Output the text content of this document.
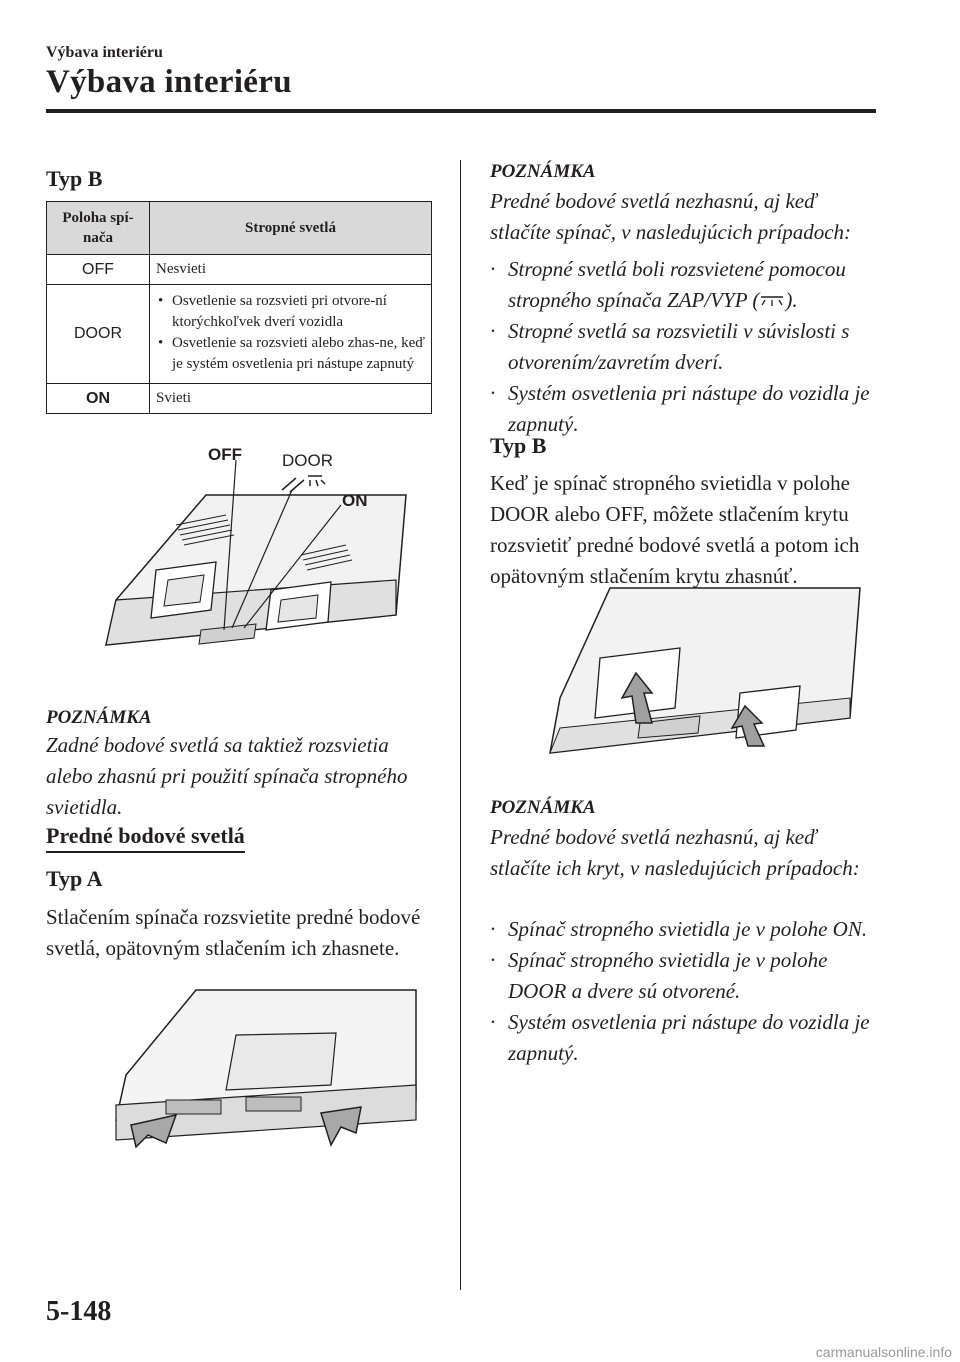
Výbava interiéru
Výbava interiéru
Typ B
Poloha spí-
nača	Stropné svetlá
OFF	Nesvieti
DOOR	• Osvetlenie sa rozsvieti pri otvore-ní ktorýchkoľvek dverí vozidla
• Osvetlenie sa rozsvieti alebo zhas-ne, keď je systém osvetlenia pri nástupe zapnutý

ON	Svieti
OFF DOOR
ON
POZNÁMKA
Zadné bodové svetlá sa taktiež rozsvietia alebo zhasnú pri použití spínača stropného svietidla.
Predné bodové svetlá
Typ A
Stlačením spínača rozsvietite predné bodové svetlá, opätovným stlačením ich zhasnete.
POZNÁMKA
Predné bodové svetlá nezhasnú, aj keď stlačíte spínač, v nasledujúcich prípadoch:
· Stropné svetlá boli rozsvietené pomocou stropného spínača ZAP/VYP ( ).
· Stropné svetlá sa rozsvietili v súvislosti s otvorením/zavretím dverí.
· Systém osvetlenia pri nástupe do vozidla je zapnutý.
Typ B
Keď je spínač stropného svietidla v polohe DOOR alebo OFF, môžete stlačením krytu rozsvietiť predné bodové svetlá a potom ich opätovným stlačením krytu zhasnúť.
POZNÁMKA
Predné bodové svetlá nezhasnú, aj keď stlačíte ich kryt, v nasledujúcich prípadoch:
· Spínač stropného svietidla je v polohe ON.
· Spínač stropného svietidla je v polohe DOOR a dvere sú otvorené.
· Systém osvetlenia pri nástupe do vozidla je zapnutý.
5-148
carmanualsonline.info
